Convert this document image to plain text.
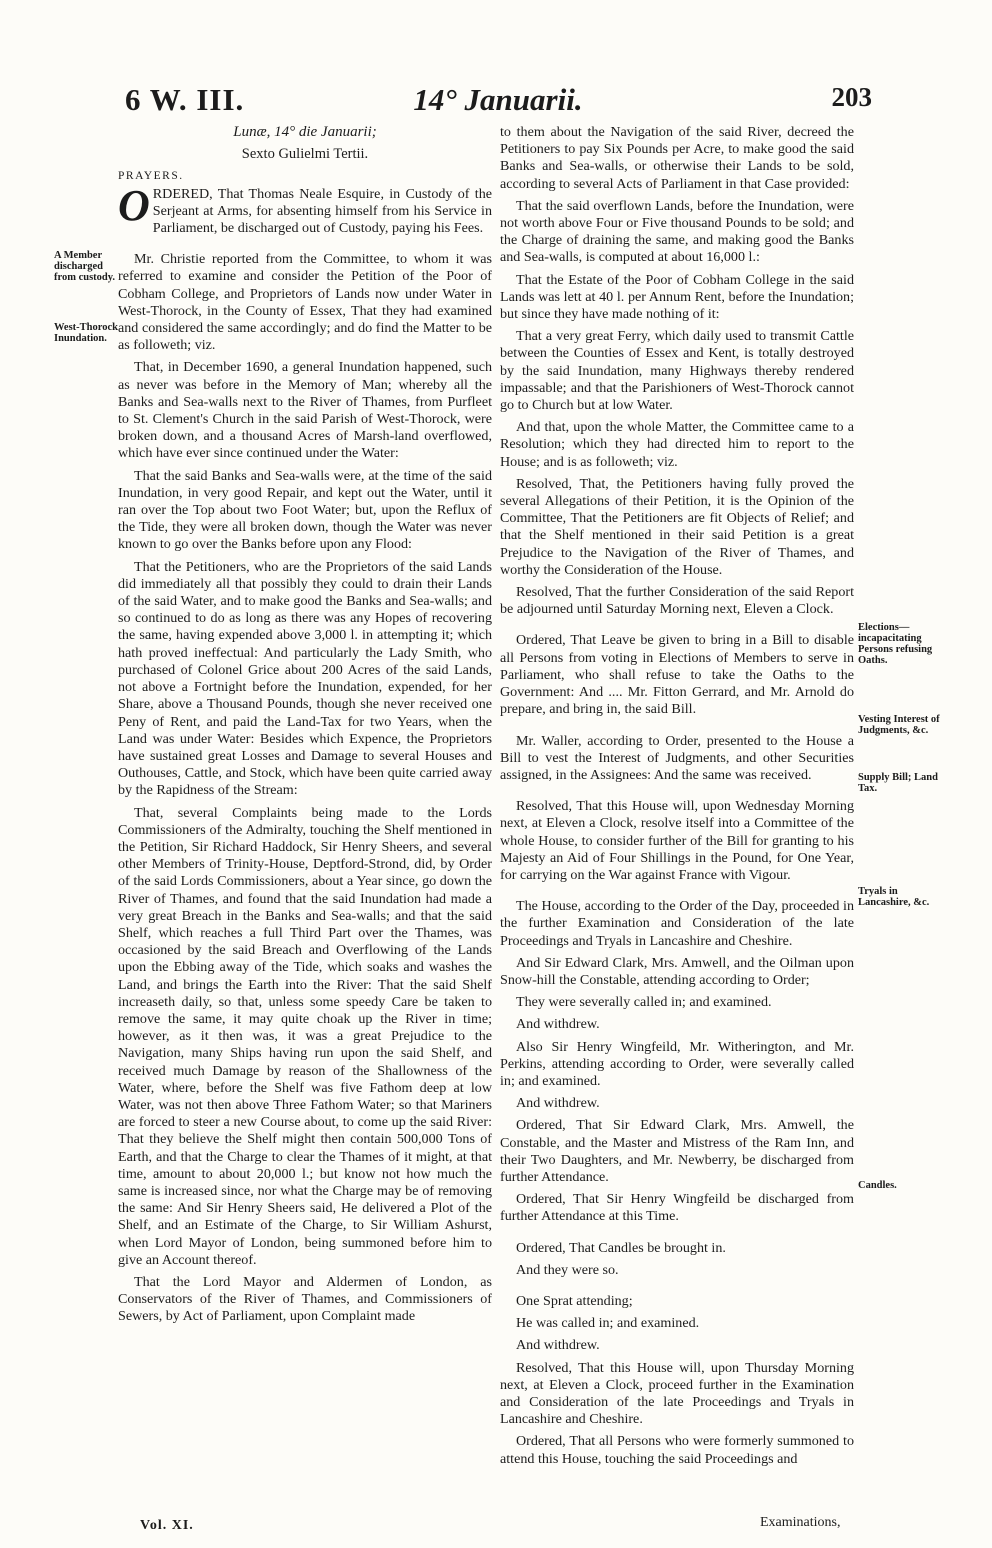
6 W. III.	14° Januarii.	203
A Member discharged from custody.
West-Thorock Inundation.
Elections—incapacitating Persons refusing Oaths.
Vesting Interest of Judgments, &c.
Supply Bill; Land Tax.
Tryals in Lancashire, &c.
Candles.

Lunæ, 14° die Januarii;

Sexto Gulielmi Tertii.

PRAYERS.

ORDERED, That Thomas Neale Esquire, in Custody of the Serjeant at Arms, for absenting himself from his Service in Parliament, be discharged out of Custody, paying his Fees.

Mr. Christie reported from the Committee, to whom it was referred to examine and consider the Petition of the Poor of Cobham College, and Proprietors of Lands now under Water in West-Thorock, in the County of Essex, That they had examined and considered the same accordingly; and do find the Matter to be as followeth; viz.

That, in December 1690, a general Inundation happened, such as never was before in the Memory of Man; whereby all the Banks and Sea-walls next to the River of Thames, from Purfleet to St. Clement's Church in the said Parish of West-Thorock, were broken down, and a thousand Acres of Marsh-land overflowed, which have ever since continued under the Water:

That the said Banks and Sea-walls were, at the time of the said Inundation, in very good Repair, and kept out the Water, until it ran over the Top about two Foot Water; but, upon the Reflux of the Tide, they were all broken down, though the Water was never known to go over the Banks before upon any Flood:

That the Petitioners, who are the Proprietors of the said Lands did immediately all that possibly they could to drain their Lands of the said Water, and to make good the Banks and Sea-walls; and so continued to do as long as there was any Hopes of recovering the same, having expended above 3,000 l. in attempting it; which hath proved ineffectual: And particularly the Lady Smith, who purchased of Colonel Grice about 200 Acres of the said Lands, not above a Fortnight before the Inundation, expended, for her Share, above a Thousand Pounds, though she never received one Peny of Rent, and paid the Land-Tax for two Years, when the Land was under Water: Besides which Expence, the Proprietors have sustained great Losses and Damage to several Houses and Outhouses, Cattle, and Stock, which have been quite carried away by the Rapidness of the Stream:

That, several Complaints being made to the Lords Commissioners of the Admiralty, touching the Shelf mentioned in the Petition, Sir Richard Haddock, Sir Henry Sheers, and several other Members of Trinity-House, Deptford-Strond, did, by Order of the said Lords Commissioners, about a Year since, go down the River of Thames, and found that the said Inundation had made a very great Breach in the Banks and Sea-walls; and that the said Shelf, which reaches a full Third Part over the Thames, was occasioned by the said Breach and Overflowing of the Lands upon the Ebbing away of the Tide, which soaks and washes the Land, and brings the Earth into the River: That the said Shelf increaseth daily, so that, unless some speedy Care be taken to remove the same, it may quite choak up the River in time; however, as it then was, it was a great Prejudice to the Navigation, many Ships having run upon the said Shelf, and received much Damage by reason of the Shallowness of the Water, where, before the Shelf was five Fathom deep at low Water, was not then above Three Fathom Water; so that Mariners are forced to steer a new Course about, to come up the said River: That they believe the Shelf might then contain 500,000 Tons of Earth, and that the Charge to clear the Thames of it might, at that time, amount to about 20,000 l.; but know not how much the same is increased since, nor what the Charge may be of removing the same: And Sir Henry Sheers said, He delivered a Plot of the Shelf, and an Estimate of the Charge, to Sir William Ashurst, when Lord Mayor of London, being summoned before him to give an Account thereof.

That the Lord Mayor and Aldermen of London, as Conservators of the River of Thames, and Commissioners of Sewers, by Act of Parliament, upon Complaint made

to them about the Navigation of the said River, decreed the Petitioners to pay Six Pounds per Acre, to make good the said Banks and Sea-walls, or otherwise their Lands to be sold, according to several Acts of Parliament in that Case provided:

That the said overflown Lands, before the Inundation, were not worth above Four or Five thousand Pounds to be sold; and the Charge of draining the same, and making good the Banks and Sea-walls, is computed at about 16,000 l.:

That the Estate of the Poor of Cobham College in the said Lands was lett at 40 l. per Annum Rent, before the Inundation; but since they have made nothing of it:

That a very great Ferry, which daily used to transmit Cattle between the Counties of Essex and Kent, is totally destroyed by the said Inundation, many Highways thereby rendered impassable; and that the Parishioners of West-Thorock cannot go to Church but at low Water.

And that, upon the whole Matter, the Committee came to a Resolution; which they had directed him to report to the House; and is as followeth; viz.

Resolved, That, the Petitioners having fully proved the several Allegations of their Petition, it is the Opinion of the Committee, That the Petitioners are fit Objects of Relief; and that the Shelf mentioned in their said Petition is a great Prejudice to the Navigation of the River of Thames, and worthy the Consideration of the House.

Resolved, That the further Consideration of the said Report be adjourned until Saturday Morning next, Eleven a Clock.

Ordered, That Leave be given to bring in a Bill to disable all Persons from voting in Elections of Members to serve in Parliament, who shall refuse to take the Oaths to the Government: And .... Mr. Fitton Gerrard, and Mr. Arnold do prepare, and bring in, the said Bill.

Mr. Waller, according to Order, presented to the House a Bill to vest the Interest of Judgments, and other Securities assigned, in the Assignees: And the same was received.

Resolved, That this House will, upon Wednesday Morning next, at Eleven a Clock, resolve itself into a Committee of the whole House, to consider further of the Bill for granting to his Majesty an Aid of Four Shillings in the Pound, for One Year, for carrying on the War against France with Vigour.

The House, according to the Order of the Day, proceeded in the further Examination and Consideration of the late Proceedings and Tryals in Lancashire and Cheshire.

And Sir Edward Clark, Mrs. Amwell, and the Oilman upon Snow-hill the Constable, attending according to Order;

They were severally called in; and examined.

And withdrew.

Also Sir Henry Wingfeild, Mr. Witherington, and Mr. Perkins, attending according to Order, were severally called in; and examined.

And withdrew.

Ordered, That Sir Edward Clark, Mrs. Amwell, the Constable, and the Master and Mistress of the Ram Inn, and their Two Daughters, and Mr. Newberry, be discharged from further Attendance.

Ordered, That Sir Henry Wingfeild be discharged from further Attendance at this Time.

Ordered, That Candles be brought in.

And they were so.

One Sprat attending;

He was called in; and examined.

And withdrew.

Resolved, That this House will, upon Thursday Morning next, at Eleven a Clock, proceed further in the Examination and Consideration of the late Proceedings and Tryals in Lancashire and Cheshire.

Ordered, That all Persons who were formerly summoned to attend this House, touching the said Proceedings and

Vol. XI.	Examinations,
